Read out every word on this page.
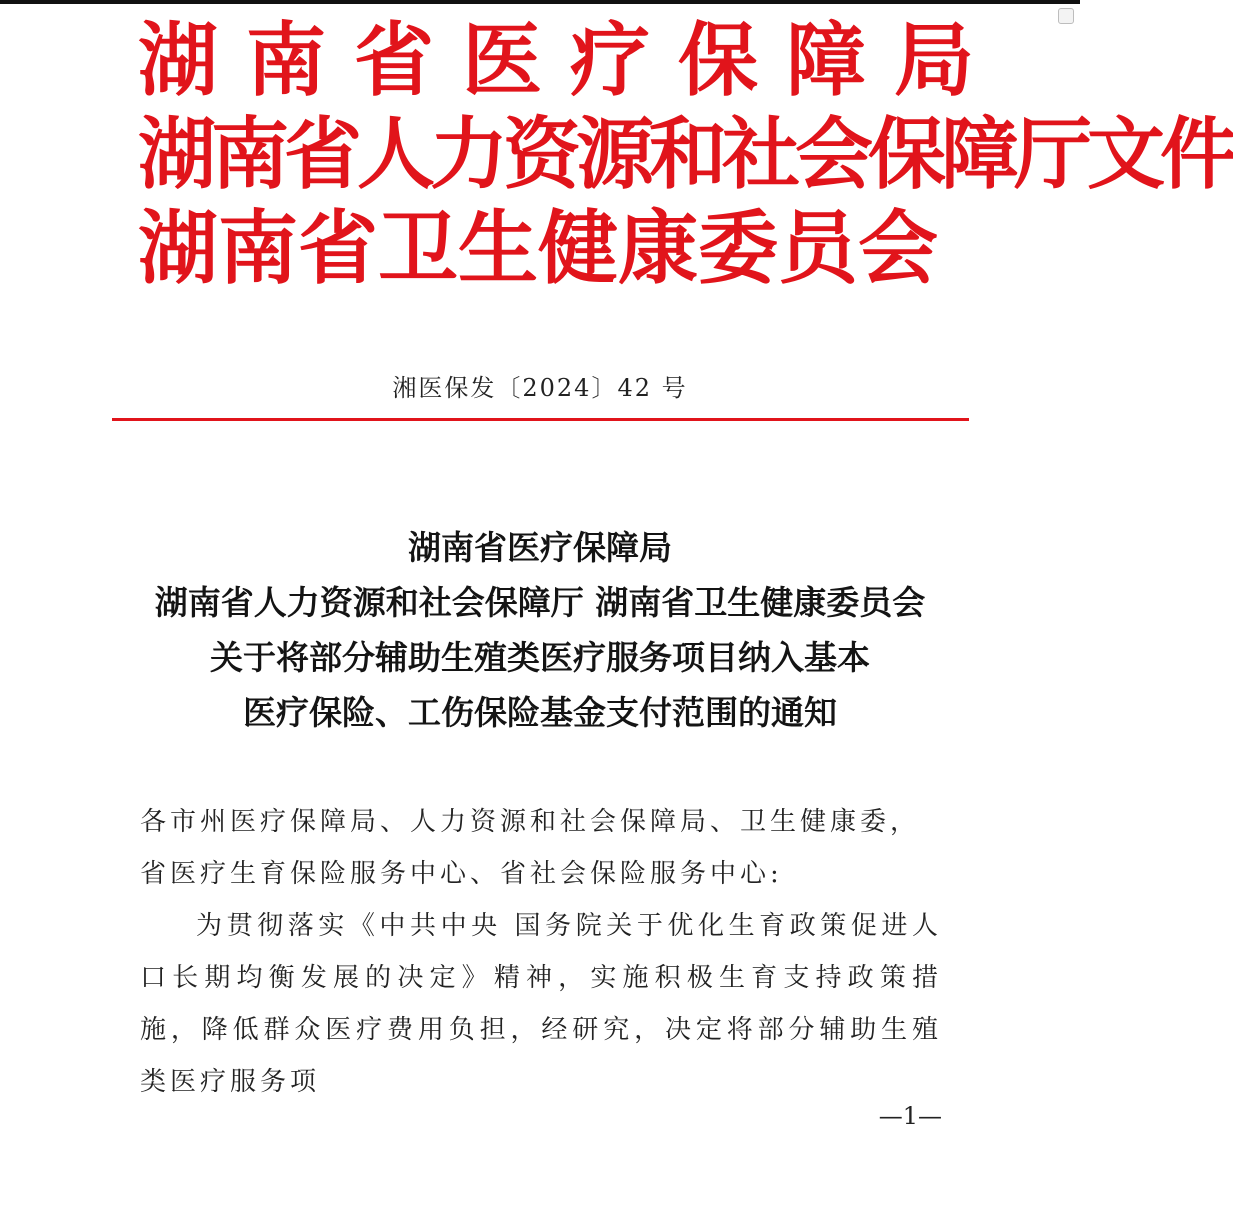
湖南省医疗保障局
湖南省人力资源和社会保障厅文件
湖南省卫生健康委员会
湘医保发〔2024〕42 号
湖南省医疗保障局
湖南省人力资源和社会保障厅 湖南省卫生健康委员会
关于将部分辅助生殖类医疗服务项目纳入基本
医疗保险、工伤保险基金支付范围的通知
各市州医疗保障局、人力资源和社会保障局、卫生健康委，省医疗生育保险服务中心、省社会保险服务中心:
为贯彻落实《中共中央 国务院关于优化生育政策促进人口长期均衡发展的决定》精神，实施积极生育支持政策措施，降低群众医疗费用负担，经研究，决定将部分辅助生殖类医疗服务项
—1—
